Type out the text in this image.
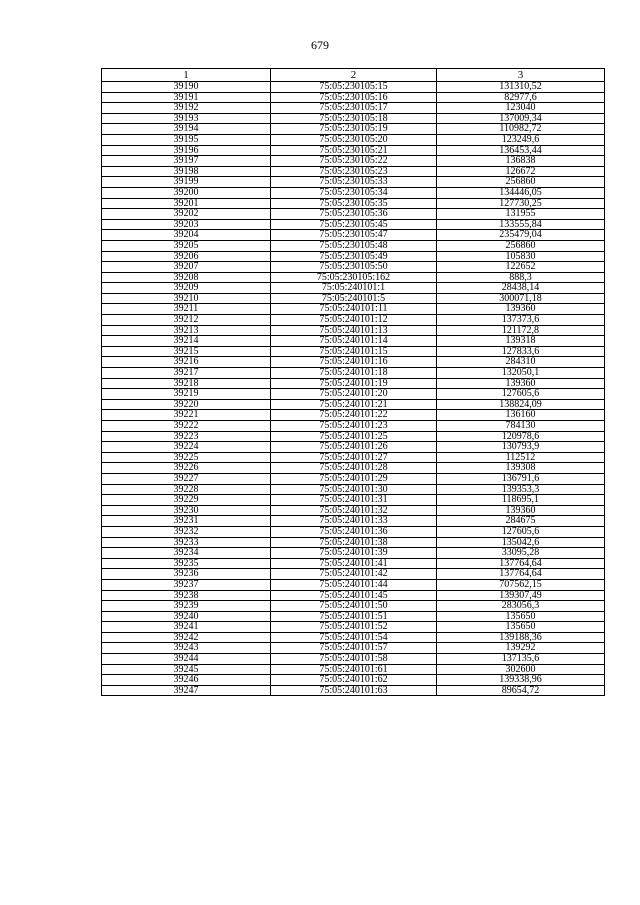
679
1	2	3
39190	75:05:230105:15	131310,52
39191	75:05:230105:16	82977,6
39192	75:05:230105:17	123040
39193	75:05:230105:18	137009,34
39194	75:05:230105:19	110982,72
39195	75:05:230105:20	123249,6
39196	75:05:230105:21	136453,44
39197	75:05:230105:22	136838
39198	75:05:230105:23	126672
39199	75:05:230105:33	256860
39200	75:05:230105:34	134446,05
39201	75:05:230105:35	127730,25
39202	75:05:230105:36	131955
39203	75:05:230105:45	133555,84
39204	75:05:230105:47	235479,04
39205	75:05:230105:48	256860
39206	75:05:230105:49	105830
39207	75:05:230105:50	122652
39208	75:05:230105:162	888,3
39209	75:05:240101:1	28438,14
39210	75:05:240101:5	300071,18
39211	75:05:240101:11	139360
39212	75:05:240101:12	137373,6
39213	75:05:240101:13	121172,8
39214	75:05:240101:14	139318
39215	75:05:240101:15	127833,6
39216	75:05:240101:16	284310
39217	75:05:240101:18	132050,1
39218	75:05:240101:19	139360
39219	75:05:240101:20	127605,6
39220	75:05:240101:21	138824,09
39221	75:05:240101:22	136160
39222	75:05:240101:23	784130
39223	75:05:240101:25	120978,6
39224	75:05:240101:26	130793,9
39225	75:05:240101:27	112512
39226	75:05:240101:28	139308
39227	75:05:240101:29	136791,6
39228	75:05:240101:30	139353,3
39229	75:05:240101:31	118695,1
39230	75:05:240101:32	139360
39231	75:05:240101:33	284675
39232	75:05:240101:36	127605,6
39233	75:05:240101:38	135042,6
39234	75:05:240101:39	33095,28
39235	75:05:240101:41	137764,64
39236	75:05:240101:42	137764,64
39237	75:05:240101:44	707562,15
39238	75:05:240101:45	139307,49
39239	75:05:240101:50	283056,3
39240	75:05:240101:51	135650
39241	75:05:240101:52	135650
39242	75:05:240101:54	139188,36
39243	75:05:240101:57	139292
39244	75:05:240101:58	137135,6
39245	75:05:240101:61	302600
39246	75:05:240101:62	139338,96
39247	75:05:240101:63	89654,72
